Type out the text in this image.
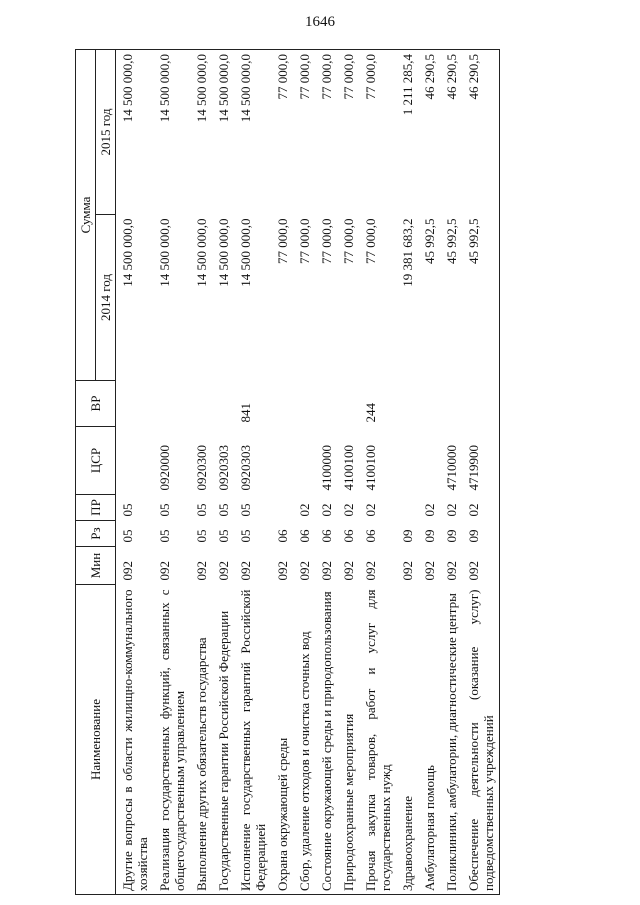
1646
Наименование	Мин	Рз	ПР	ЦСР	ВР	Сумма	
						2014 год	2015 год
Другие вопросы в области жилищно-коммунального хозяйства	092	05	05			14 500 000,0	14 500 000,0
Реализация государственных функций, связанных с общегосударственным управлением	092	05	05	0920000		14 500 000,0	14 500 000,0
Выполнение других обязательств государства	092	05	05	0920300		14 500 000,0	14 500 000,0
Государственные гарантии Российской Федерации	092	05	05	0920303		14 500 000,0	14 500 000,0
Исполнение государственных гарантий Российской Федерацией	092	05	05	0920303	841	14 500 000,0	14 500 000,0
Охрана окружающей среды	092	06				77 000,0	77 000,0
Сбор, удаление отходов и очистка сточных вод	092	06	02			77 000,0	77 000,0
Состояние окружающей среды и природопользования	092	06	02	4100000		77 000,0	77 000,0
Природоохранные мероприятия	092	06	02	4100100		77 000,0	77 000,0
Прочая закупка товаров, работ и услуг для государственных нужд	092	06	02	4100100	244	77 000,0	77 000,0
Здравоохранение	092	09				19 381 683,2	1 211 285,4
Амбулаторная помощь	092	09	02			45 992,5	46 290,5
Поликлиники, амбулатории, диагностические центры	092	09	02	4710000		45 992,5	46 290,5
Обеспечение деятельности (оказание услуг) подведомственных учреждений	092	09	02	4719900		45 992,5	46 290,5
